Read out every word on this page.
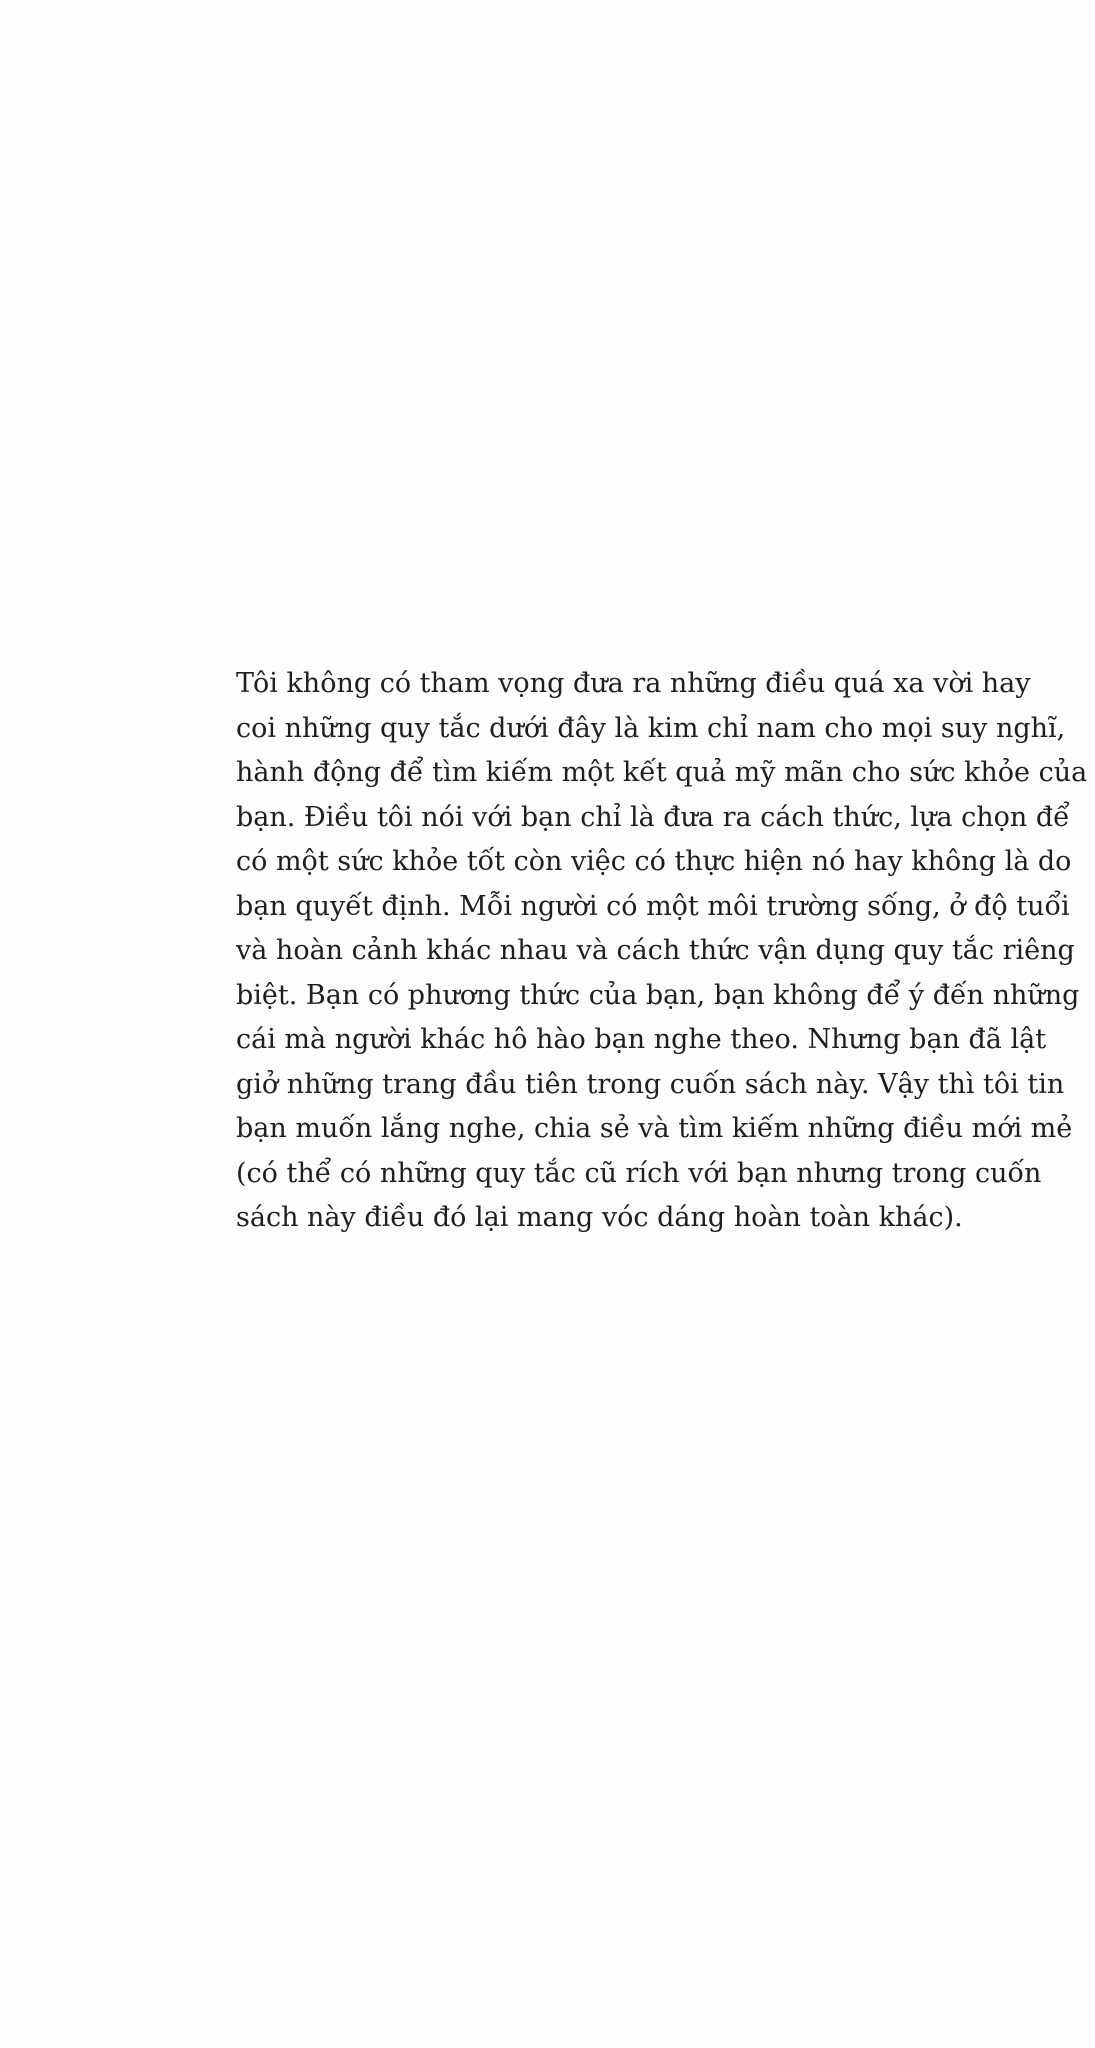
Tôi không có tham vọng đưa ra những điều quá xa vời hay
coi những quy tắc dưới đây là kim chỉ nam cho mọi suy nghĩ,
hành động để tìm kiếm một kết quả mỹ mãn cho sức khỏe của
bạn. Điều tôi nói với bạn chỉ là đưa ra cách thức, lựa chọn để
có một sức khỏe tốt còn việc có thực hiện nó hay không là do
bạn quyết định. Mỗi người có một môi trường sống, ở độ tuổi
và hoàn cảnh khác nhau và cách thức vận dụng quy tắc riêng
biệt. Bạn có phương thức của bạn, bạn không để ý đến những
cái mà người khác hô hào bạn nghe theo. Nhưng bạn đã lật
giở những trang đầu tiên trong cuốn sách này. Vậy thì tôi tin
bạn muốn lắng nghe, chia sẻ và tìm kiếm những điều mới mẻ
(có thể có những quy tắc cũ rích với bạn nhưng trong cuốn
sách này điều đó lại mang vóc dáng hoàn toàn khác).
